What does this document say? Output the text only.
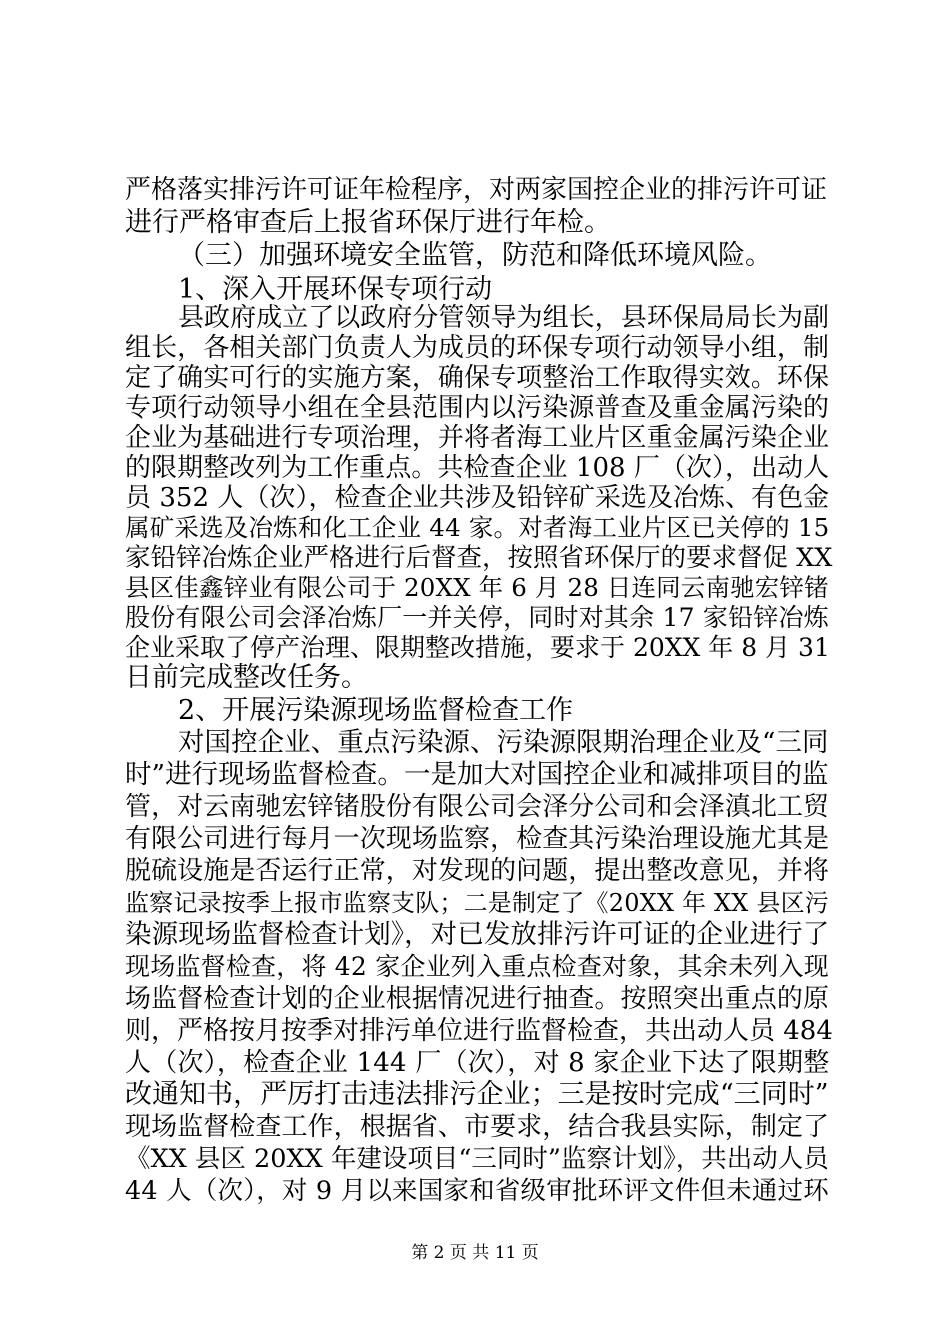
严格落实排污许可证年检程序，对两家国控企业的排污许可证
进行严格审查后上报省环保厅进行年检。
（三）加强环境安全监管，防范和降低环境风险。
1、深入开展环保专项行动
县政府成立了以政府分管领导为组长，县环保局局长为副
组长，各相关部门负责人为成员的环保专项行动领导小组，制
定了确实可行的实施方案，确保专项整治工作取得实效。环保
专项行动领导小组在全县范围内以污染源普查及重金属污染的
企业为基础进行专项治理，并将者海工业片区重金属污染企业
的限期整改列为工作重点。共检查企业 108 厂（次），出动人
员 352 人（次），检查企业共涉及铅锌矿采选及冶炼、有色金
属矿采选及冶炼和化工企业 44 家。对者海工业片区已关停的 15
家铅锌冶炼企业严格进行后督查，按照省环保厅的要求督促 XX
县区佳鑫锌业有限公司于 20XX 年 6 月 28 日连同云南驰宏锌锗
股份有限公司会泽冶炼厂一并关停，同时对其余 17 家铅锌冶炼
企业采取了停产治理、限期整改措施，要求于 20XX 年 8 月 31
日前完成整改任务。
2、开展污染源现场监督检查工作
对国控企业、重点污染源、污染源限期治理企业及“三同
时”进行现场监督检查。一是加大对国控企业和减排项目的监
管，对云南驰宏锌锗股份有限公司会泽分公司和会泽滇北工贸
有限公司进行每月一次现场监察，检查其污染治理设施尤其是
脱硫设施是否运行正常，对发现的问题，提出整改意见，并将
监察记录按季上报市监察支队；二是制定了《20XX 年 XX 县区污
染源现场监督检查计划》，对已发放排污许可证的企业进行了
现场监督检查，将 42 家企业列入重点检查对象，其余未列入现
场监督检查计划的企业根据情况进行抽查。按照突出重点的原
则，严格按月按季对排污单位进行监督检查，共出动人员 484
人（次），检查企业 144 厂（次），对 8 家企业下达了限期整
改通知书，严厉打击违法排污企业；三是按时完成“三同时”
现场监督检查工作，根据省、市要求，结合我县实际，制定了
《XX 县区 20XX 年建设项目“三同时”监察计划》，共出动人员
44 人（次），对 9 月以来国家和省级审批环评文件但未通过环
第 2 页 共 11 页
